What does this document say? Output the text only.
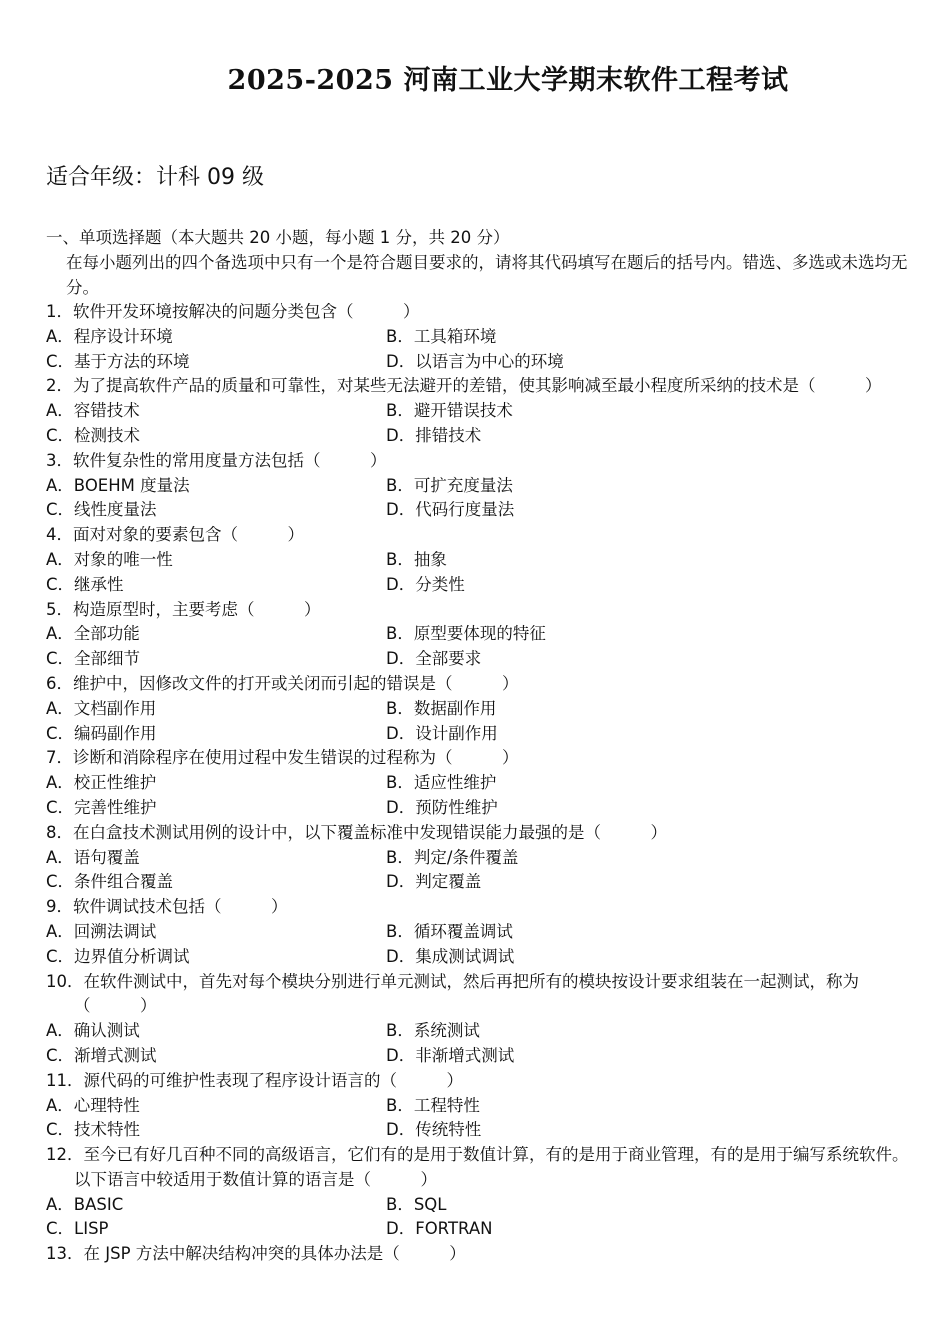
2025-2025 河南工业大学期末软件工程考试
适合年级：计科 09 级
一、单项选择题（本大题共 20 小题，每小题 1 分，共 20 分）
在每小题列出的四个备选项中只有一个是符合题目要求的，请将其代码填写在题后的括号内。错选、多选或未选均无分。
1．软件开发环境按解决的问题分类包含（　　　）
A．程序设计环境	B．工具箱环境
C．基于方法的环境	D．以语言为中心的环境
2．为了提高软件产品的质量和可靠性，对某些无法避开的差错，使其影响减至最小程度所采纳的技术是（　　　）
A．容错技术	B．避开错误技术
C．检测技术	D．排错技术
3．软件复杂性的常用度量方法包括（　　　）
A．BOEHM 度量法	B．可扩充度量法
C．线性度量法	D．代码行度量法
4．面对对象的要素包含（　　　）
A．对象的唯一性	B．抽象
C．继承性	D．分类性
5．构造原型时，主要考虑（　　　）
A．全部功能	B．原型要体现的特征
C．全部细节	D．全部要求
6．维护中，因修改文件的打开或关闭而引起的错误是（　　　）
A．文档副作用	B．数据副作用
C．编码副作用	D．设计副作用
7．诊断和消除程序在使用过程中发生错误的过程称为（　　　）
A．校正性维护	B．适应性维护
C．完善性维护	D．预防性维护
8．在白盒技术测试用例的设计中，以下覆盖标准中发现错误能力最强的是（　　　）
A．语句覆盖	B．判定/条件覆盖
C．条件组合覆盖	D．判定覆盖
9．软件调试技术包括（　　　）
A．回溯法调试	B．循环覆盖调试
C．边界值分析调试	D．集成测试调试
10．在软件测试中，首先对每个模块分别进行单元测试，然后再把所有的模块按设计要求组装在一起测试，称为（　　　）
A．确认测试	B．系统测试
C．渐增式测试	D．非渐增式测试
11．源代码的可维护性表现了程序设计语言的（　　　）
A．心理特性	B．工程特性
C．技术特性	D．传统特性
12．至今已有好几百种不同的高级语言，它们有的是用于数值计算，有的是用于商业管理，有的是用于编写系统软件。以下语言中较适用于数值计算的语言是（　　　）
A．BASIC	B．SQL
C．LISP	D．FORTRAN
13．在 JSP 方法中解决结构冲突的具体办法是（　　　）
